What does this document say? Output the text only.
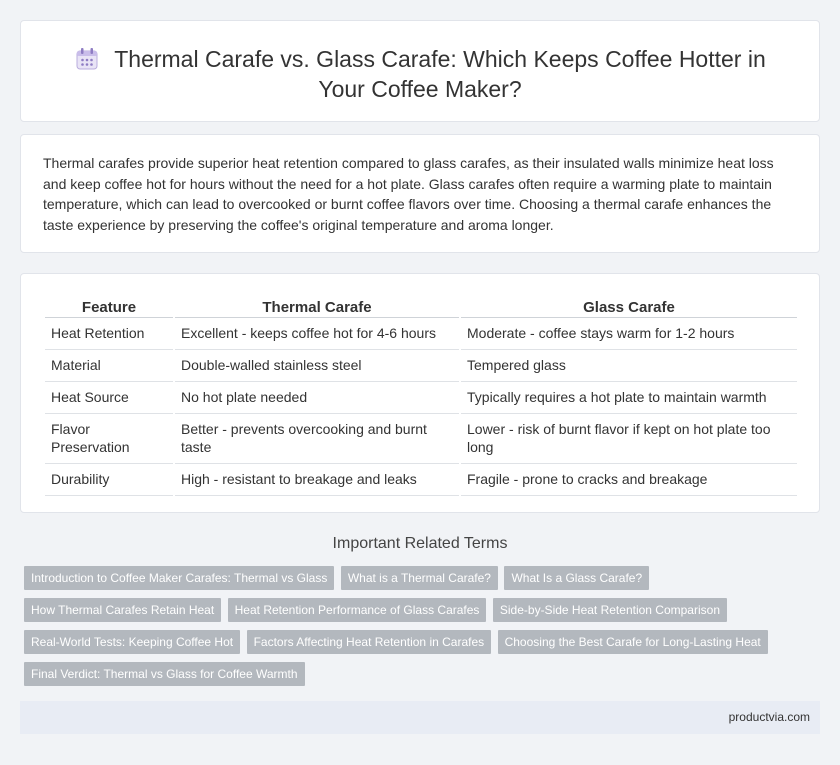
Thermal Carafe vs. Glass Carafe: Which Keeps Coffee Hotter in
Your Coffee Maker?

Thermal carafes provide superior heat retention compared to glass carafes, as their insulated walls minimize heat loss and keep coffee hot for hours without the need for a hot plate. Glass carafes often require a warming plate to maintain temperature, which can lead to overcooked or burnt coffee flavors over time. Choosing a thermal carafe enhances the taste experience by preserving the coffee's original temperature and aroma longer.

Feature	Thermal Carafe	Glass Carafe
Heat Retention	Excellent - keeps coffee hot for 4-6 hours	Moderate - coffee stays warm for 1-2 hours
Material	Double-walled stainless steel	Tempered glass
Heat Source	No hot plate needed	Typically requires a hot plate to maintain warmth
Flavor Preservation	Better - prevents overcooking and burnt taste	Lower - risk of burnt flavor if kept on hot plate too long
Durability	High - resistant to breakage and leaks	Fragile - prone to cracks and breakage
Important Related Terms
Introduction to Coffee Maker Carafes: Thermal vs Glass What is a Thermal Carafe? What Is a Glass Carafe? How Thermal Carafes Retain Heat Heat Retention Performance of Glass Carafes Side-by-Side Heat Retention Comparison Real-World Tests: Keeping Coffee Hot Factors Affecting Heat Retention in Carafes Choosing the Best Carafe for Long-Lasting Heat Final Verdict: Thermal vs Glass for Coffee Warmth
productvia.com
